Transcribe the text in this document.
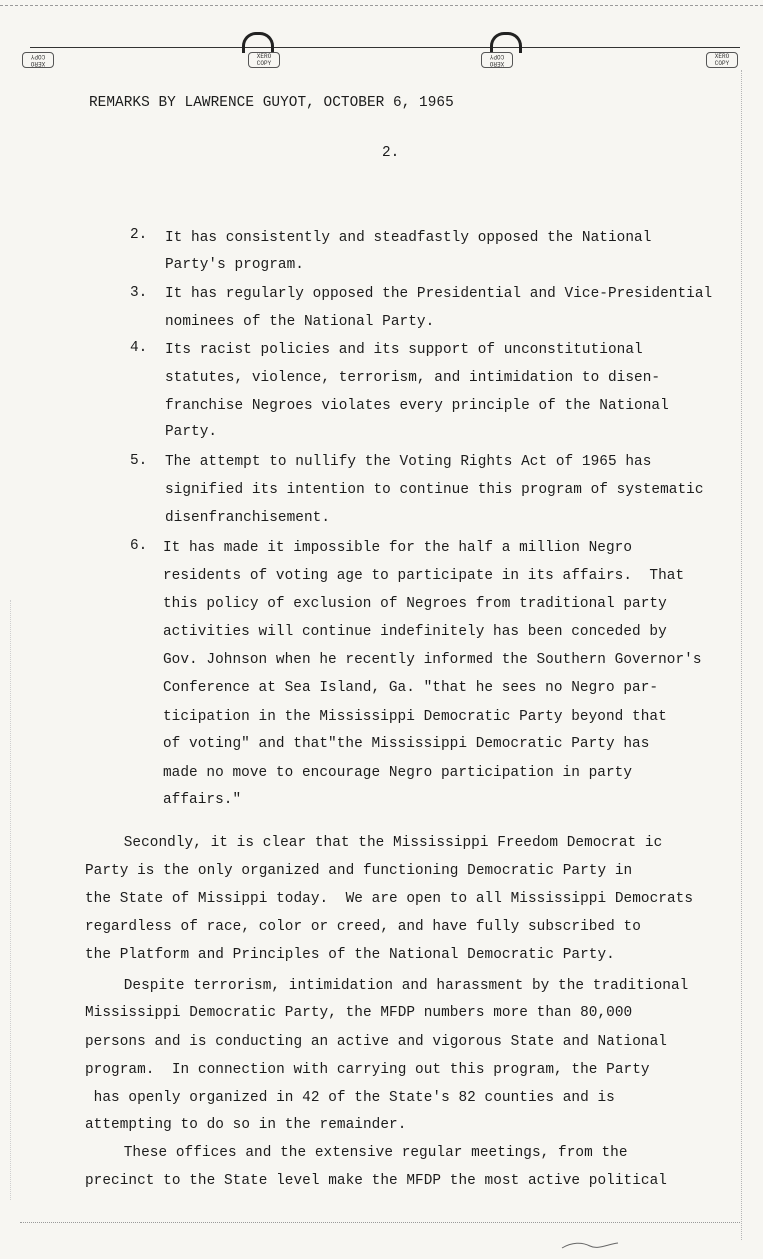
XERO COPY	XERO COPY	XERO COPY	XERO COPY
REMARKS BY LAWRENCE GUYOT, OCTOBER 6, 1965
2.
2. It has consistently and steadfastly opposed the National
Party's program.
3. It has regularly opposed the Presidential and Vice-Presidential
nominees of the National Party.
4. Its racist policies and its support of unconstitutional
statutes, violence, terrorism, and intimidation to disen-
franchise Negroes violates every principle of the National
Party.
5. The attempt to nullify the Voting Rights Act of 1965 has
signified its intention to continue this program of systematic
disenfranchisement.
6. It has made it impossible for the half a million Negro
residents of voting age to participate in its affairs.  That
this policy of exclusion of Negroes from traditional party
activities will continue indefinitely has been conceded by
Gov. Johnson when he recently informed the Southern Governor's
Conference at Sea Island, Ga. "that he sees no Negro par-
ticipation in the Mississippi Democratic Party beyond that
of voting" and that"the Mississippi Democratic Party has
made no move to encourage Negro participation in party
affairs."
Secondly, it is clear that the Mississippi Freedom Democrat ic
Party is the only organized and functioning Democratic Party in
the State of Missippi today.  We are open to all Mississippi Democrats
regardless of race, color or creed, and have fully subscribed to
the Platform and Principles of the National Democratic Party.
Despite terrorism, intimidation and harassment by the traditional
Mississippi Democratic Party, the MFDP numbers more than 80,000
persons and is conducting an active and vigorous State and National
program.  In connection with carrying out this program, the Party
has openly organized in 42 of the State's 82 counties and is
attempting to do so in the remainder.
These offices and the extensive regular meetings, from the
precinct to the State level make the MFDP the most active political
